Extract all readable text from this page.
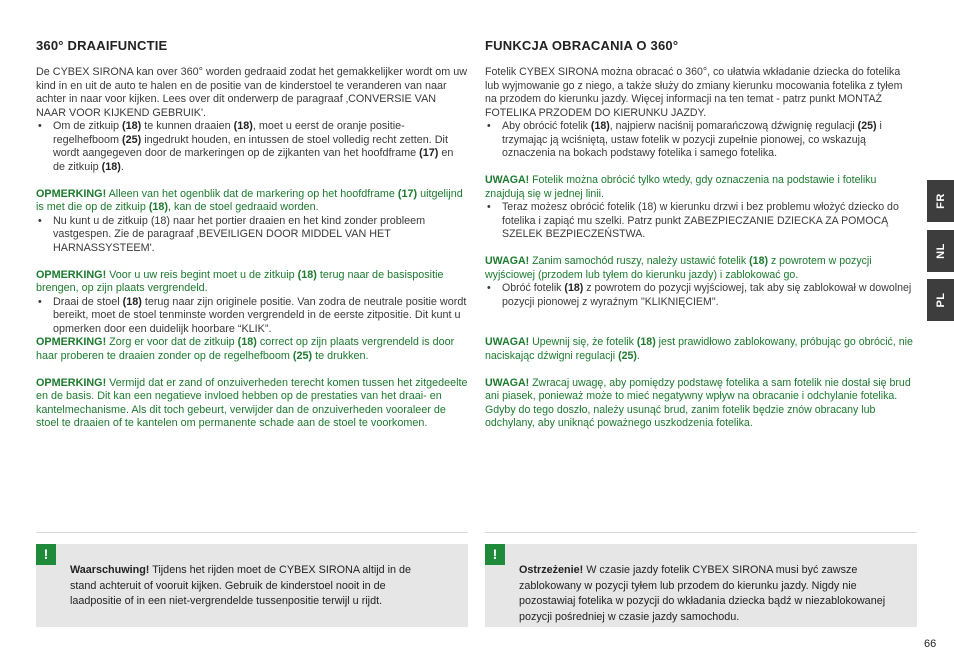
360° DRAAIFUNCTIE

De CYBEX SIRONA kan over 360° worden gedraaid zodat het gemakkelijker wordt om uw kind in en uit de auto te halen en de positie van de kinderstoel te veranderen van naar achter in naar voor kijken. Lees over dit onderwerp de paragraaf ‚CONVERSIE VAN NAAR VOOR KIJKEND GEBRUIK'.

• Om de zitkuip (18) te kunnen draaien (18), moet u eerst de oranje positie-regelhefboom (25) ingedrukt houden, en intussen de stoel volledig recht zetten. Dit wordt aangegeven door de markeringen op de zijkanten van het hoofdframe (17) en de zitkuip (18).

OPMERKING! Alleen van het ogenblik dat de markering op het hoofdframe (17) uitgelijnd is met die op de zitkuip (18), kan de stoel gedraaid worden.

• Nu kunt u de zitkuip (18) naar het portier draaien en het kind zonder probleem vastgespen. Zie de paragraaf ‚BEVEILIGEN DOOR MIDDEL VAN HET HARNASSYSTEEM'.

OPMERKING! Voor u uw reis begint moet u de zitkuip (18) terug naar de basispositie brengen, op zijn plaats vergrendeld.

• Draai de stoel (18) terug naar zijn originele positie. Van zodra de neutrale positie wordt bereikt, moet de stoel tenminste worden vergrendeld in de eerste zitpositie. Dit kunt u opmerken door een duidelijk hoorbare “KLIK”.

OPMERKING! Zorg er voor dat de zitkuip (18) correct op zijn plaats vergrendeld is door haar proberen te draaien zonder op de regelhefboom (25) te drukken.

OPMERKING! Vermijd dat er zand of onzuiverheden terecht komen tussen het zitgedeelte en de basis. Dit kan een negatieve invloed hebben op de prestaties van het draai- en kantelmechanisme. Als dit toch gebeurt, verwijder dan de onzuiverheden vooraleer de stoel te draaien of te kantelen om permanente schade aan de stoel te voorkomen.

FUNKCJA OBRACANIA O 360°

Fotelik CYBEX SIRONA można obracać o 360°, co ułatwia wkładanie dziecka do fotelika lub wyjmowanie go z niego, a także służy do zmiany kierunku mocowania fotelika z tyłem na przodem do kierunku jazdy. Więcej informacji na ten temat - patrz punkt MONTAŻ FOTELIKA PRZODEM DO KIERUNKU JAZDY.

• Aby obrócić fotelik (18), najpierw naciśnij pomarańczową dźwignię regulacji (25) i trzymając ją wciśniętą, ustaw fotelik w pozycji zupełnie pionowej, co wskazują oznaczenia na bokach podstawy fotelika i samego fotelika.

UWAGA! Fotelik można obrócić tylko wtedy, gdy oznaczenia na podstawie i foteliku znajdują się w jednej linii.

• Teraz możesz obrócić fotelik (18) w kierunku drzwi i bez problemu włożyć dziecko do fotelika i zapiąć mu szelki. Patrz punkt ZABEZPIECZANIE DZIECKA ZA POMOCĄ SZELEK BEZPIECZEŃSTWA.

UWAGA! Zanim samochód ruszy, należy ustawić fotelik (18) z powrotem w pozycji wyjściowej (przodem lub tyłem do kierunku jazdy) i zablokować go.

• Obróć fotelik (18) z powrotem do pozycji wyjściowej, tak aby się zablokował w dowolnej pozycji pionowej z wyraźnym "KLIKNIĘCIEM".

UWAGA! Upewnij się, że fotelik (18) jest prawidłowo zablokowany, próbując go obrócić, nie naciskając dźwigni regulacji (25).

UWAGA! Zwracaj uwagę, aby pomiędzy podstawę fotelika a sam fotelik nie dostał się brud ani piasek, ponieważ może to mieć negatywny wpływ na obracanie i odchylanie fotelika. Gdyby do tego doszło, należy usunąć brud, zanim fotelik będzie znów obracany lub odchylany, aby uniknąć poważnego uszkodzenia fotelika.

!
Waarschuwing! Tijdens het rijden moet de CYBEX SIRONA altijd in de stand achteruit of vooruit kijken. Gebruik de kinderstoel nooit in de laadpositie of in een niet-vergrendelde tussenpositie terwijl u rijdt.
!
Ostrzeżenie! W czasie jazdy fotelik CYBEX SIRONA musi być zawsze zablokowany w pozycji tyłem lub przodem do kierunku jazdy. Nigdy nie pozostawiaj fotelika w pozycji do wkładania dziecka bądź w niezablokowanej pozycji pośredniej w czasie jazdy samochodu.
FR
NL
PL
66
